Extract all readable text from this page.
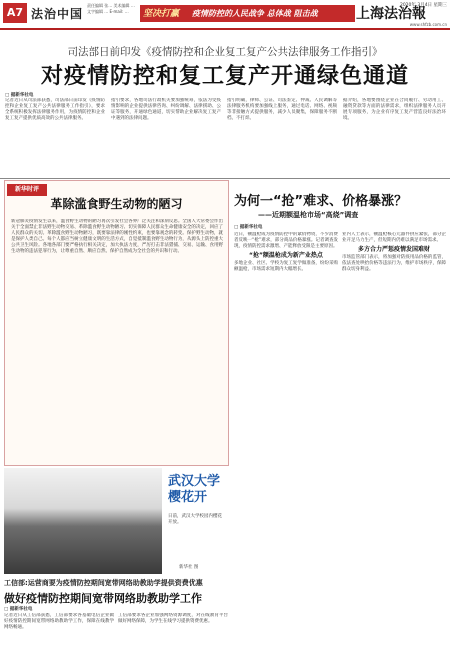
A7 法治中国
责任编辑 张… 美术编辑 … 文字编辑 … E-mail: …	坚决打赢 疫情防控的人民战争 总体战 阻击战	上海法治報
2020年 3月4日 星期三
www.shfzb.com.cn
司法部日前印发《疫情防控和企业复工复产公共法律服务工作指引》
对疫情防控和复工复产开通绿色通道
□ 据新华社电
记者近日从司法部获悉，司法部日前印发《疫情防控和企业复工复产公共法律服务工作指引》，要求全系统积极发挥法律服务作用，为疫情防控和企业复工复产提供优质高效的公共法律服务。
指引要求，各地司法行政机关要加强统筹，依法为受疫情影响的企业提供法律咨询、纠纷调解、法律援助、公证等服务，开通绿色通道，切实帮助企业解决复工复产中遇到的法律问题。
指引明确，律师、公证、司法鉴定、仲裁、人民调解等法律服务机构要加强线上服务，通过电话、网络、视频等非接触方式提供服务，减少人员聚集，保障服务不断档、不打烊。
据介绍，各地要围绕企业在合同履行、劳动用工、融资贷款等方面的法律需求，组织法律服务人员开展专项服务，为企业有序复工复产营造良好法治环境。
新华时评
革除滥食野生动物的陋习
新冠肺炎疫情发生以来，滥食野生动物的陋习再次引发社会各界广泛关注和深刻反思。全国人大常委会作出关于全面禁止非法野生动物交易、革除滥食野生动物陋习、切实保障人民群众生命健康安全的决定，回应了人民群众的关切。革除滥食野生动物陋习，既要靠法律的刚性约束，也要靠观念的转变。保护野生动物，就是保护人类自己。每个人都应当树立健康文明的生活方式，自觉抵制滥食野生动物行为，从源头上防控重大公共卫生风险。各地各部门要严格执行相关决定，加大执法力度，严厉打击非法猎捕、交易、运输、食用野生动物的违法犯罪行为，让尊重自然、顺应自然、保护自然成为全社会的共识和行动。
武汉大学
樱花开
日前，武汉大学校园内樱花开放。
新华社 图
工信部:运营商要为疫情防控期间宽带网络助教助学提供资费优惠
做好疫情防控期间宽带网络助教助学工作
□ 据新华社电
记者近日从工信部获悉，工信部要求各基础电信企业做好疫情防控期间宽带网络助教助学工作，保障在线教学网络畅通。
工信部要求各企业加强网络资源调度，对在线教育平台做好网络保障，为学生在线学习提供资费优惠。
为何一“抢”难求、价格暴涨？
——近期额温枪市场“高烧”调查
□ 据新华社电
近日，额温枪成为疫情防控中的紧俏物资，不少消费者反映一“枪”难求，部分商品价格暴涨。记者调查发现，疫情防控需求激增、产能释放受限是主要原因。
“抢”额温枪成为新产业热点
多地企业、社区、学校为复工复学做准备，纷纷采购额温枪，市场需求短期内大幅增长。
业内人士表示，额温枪核心元器件供应紧张，部分企业开足马力生产，但短期内仍难以满足市场需求。
多方合力严惩疫情发国难财
市场监管部门表示，将加强对防疫用品价格的监管，依法查处哄抬价格等违法行为，维护市场秩序，保障群众切身利益。
